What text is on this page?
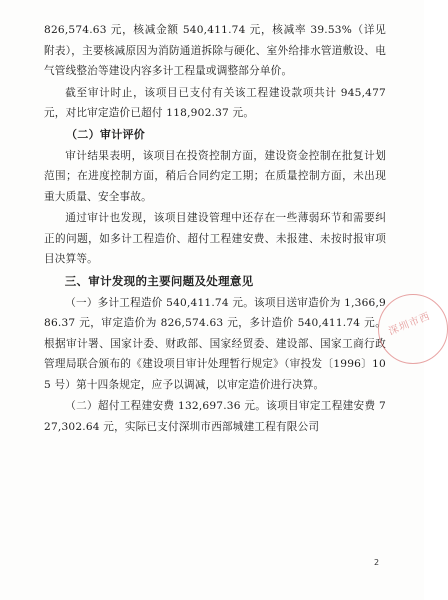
826,574.63 元，核减金额 540,411.74 元，核减率 39.53%（详见附表），主要核减原因为消防通道拆除与硬化、室外给排水管道敷设、电气管线整治等建设内容多计工程量或调整部分单价。

截至审计时止，该项目已支付有关该工程建设款项共计 945,477元，对比审定造价已超付 118,902.37 元。

（二）审计评价

审计结果表明，该项目在投资控制方面，建设资金控制在批复计划范围；在进度控制方面，稍后合同约定工期；在质量控制方面，未出现重大质量、安全事故。

通过审计也发现，该项目建设管理中还存在一些薄弱环节和需要纠正的问题，如多计工程造价、超付工程建安费、未报建、未按时报审项目决算等。

三、审计发现的主要问题及处理意见

（一）多计工程造价 540,411.74 元。该项目送审造价为 1,366,986.37 元，审定造价为 826,574.63 元，多计造价 540,411.74 元。根据审计署、国家计委、财政部、国家经贸委、建设部、国家工商行政管理局联合颁布的《建设项目审计处理暂行规定》（审投发〔1996〕105 号）第十四条规定，应予以调减，以审定造价进行决算。

（二）超付工程建安费 132,697.36 元。该项目审定工程建安费 727,302.64 元，实际已支付深圳市西部城建工程有限公司

深圳市西
2
